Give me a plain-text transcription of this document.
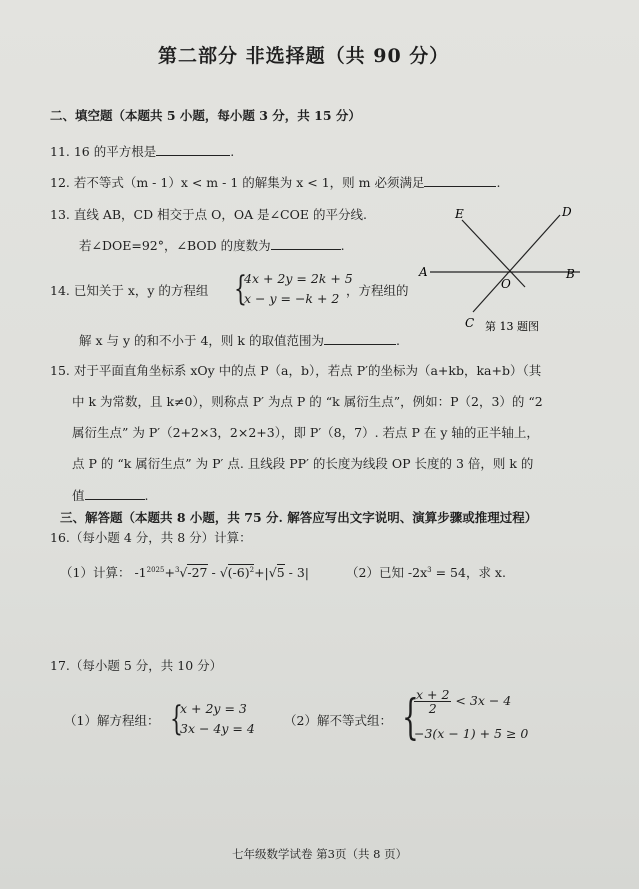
第二部分 非选择题（共 90 分）
二、填空题（本题共 5 小题，每小题 3 分，共 15 分）
11. 16 的平方根是	.
12. 若不等式（m - 1）x < m - 1 的解集为 x < 1，则 m 必须满足	.
13. 直线 AB，CD 相交于点 O，OA 是∠COE 的平分线.
若∠DOE=92°，∠BOD 的度数为	.
E	D
A
O
B
C 第 13 题图
14. 已知关于 x，y 的方程组 {
4x + 2y = 2k + 5
x − y = −k + 2
，方程组的
解 x 与 y 的和不小于 4，则 k 的取值范围为	.
15. 对于平面直角坐标系 xOy 中的点 P（a，b），若点 P′的坐标为（a+kb，ka+b）（其
中 k 为常数，且 k≠0），则称点 P′ 为点 P 的 “k 属衍生点”，例如：P（2，3）的 “2
属衍生点” 为 P′（2+2×3，2×2+3），即 P′（8，7）. 若点 P 在 y 轴的正半轴上，
点 P 的 “k 属衍生点” 为 P′ 点. 且线段 PP′ 的长度为线段 OP 长度的 3 倍，则 k 的
值	.
三、解答题（本题共 8 小题，共 75 分. 解答应写出文字说明、演算步骤或推理过程）
16.（每小题 4 分，共 8 分）计算：
（1）计算： $-1^{2025}+^3√-27 - √(-6)^2+|√5 - 3|$	（2）已知 $-2x^3 = 54$，求 x.
17.（每小题 5 分，共 10 分）
（1）解方程组： {
x + 2y = 3
3x − 4y = 4
（2）解不等式组： {
$\frac{x + 2}{2} < 3x - 4$
−3(x − 1) + 5 ≥ 0
七年级数学试卷 第3页（共 8 页）
